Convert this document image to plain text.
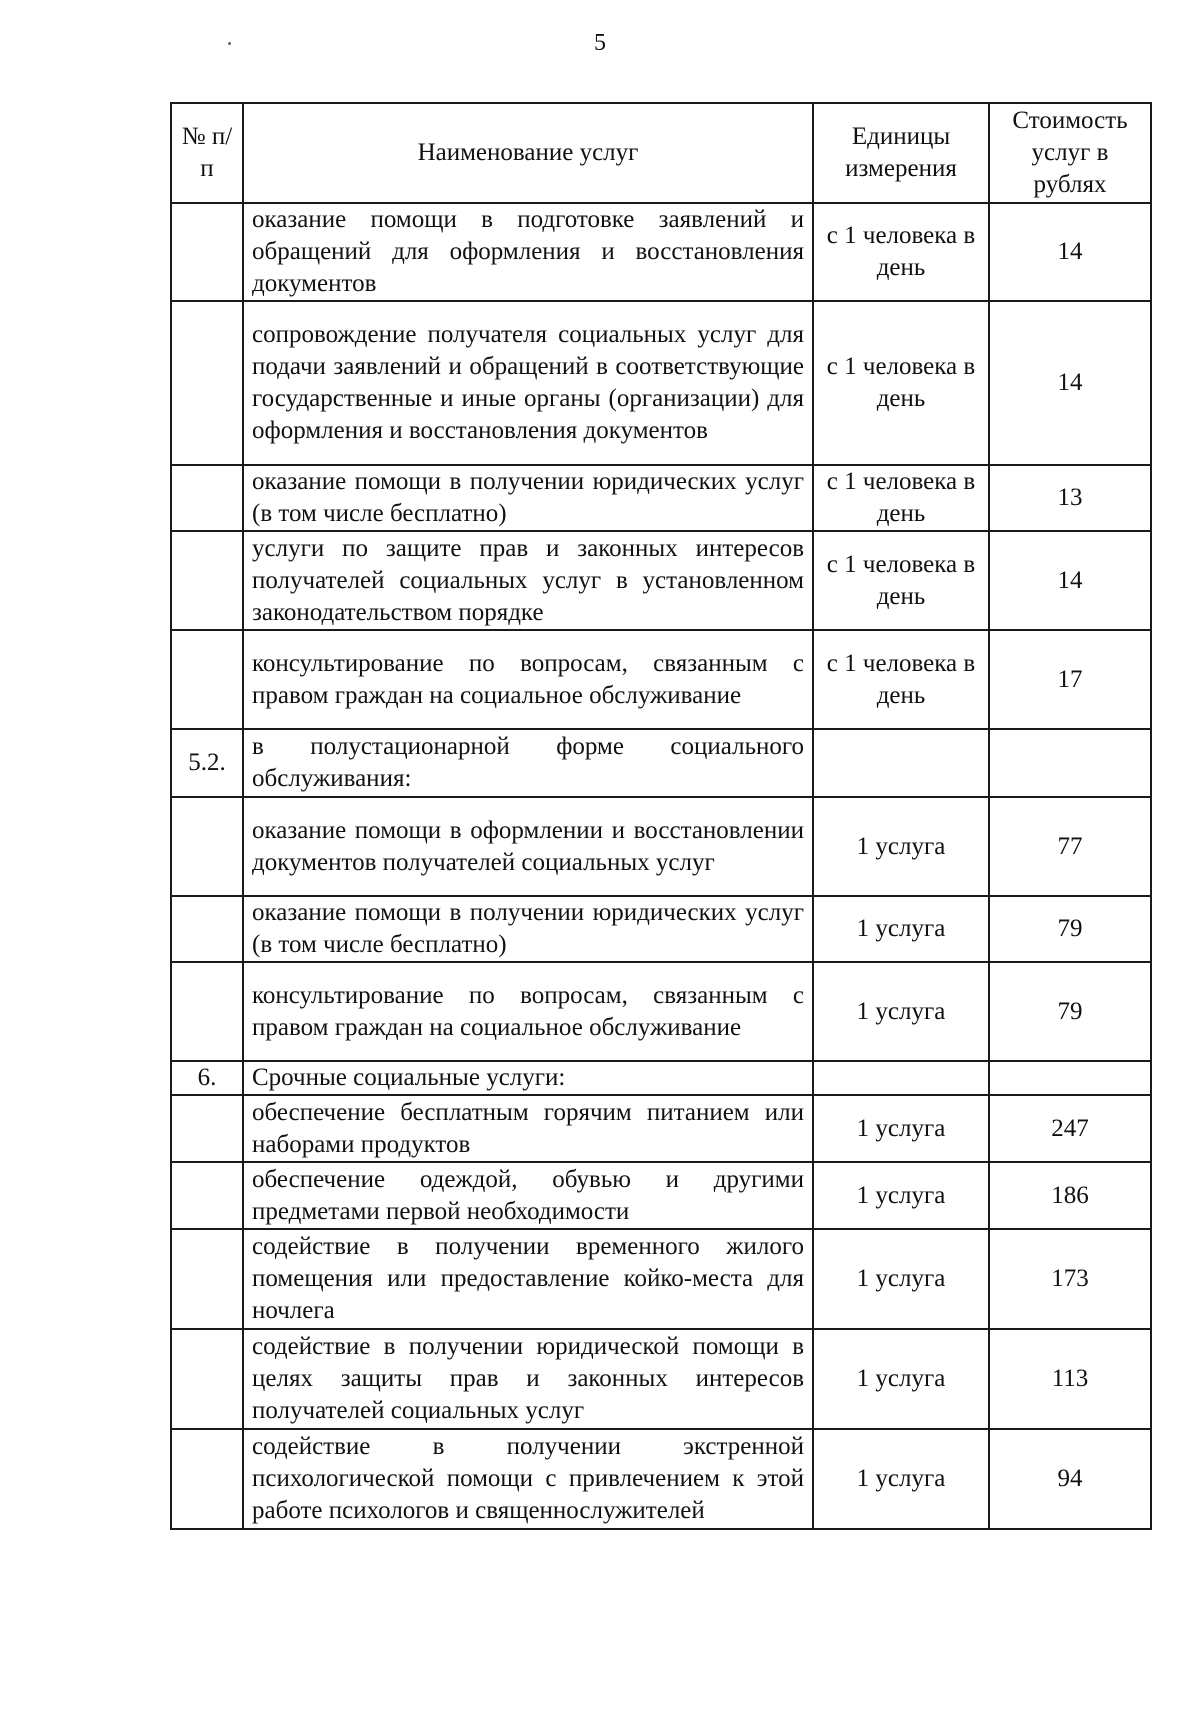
5
№ п/п	Наименование услуг	Единицы измерения	Стоимость услуг в рублях
	оказание помощи в подготовке заявлений и обращений для оформления и восстановления документов	с 1 человека в день	14
	сопровождение получателя социальных услуг для подачи заявлений и обращений в соответствующие государственные и иные органы (организации) для оформления и восстановления документов	с 1 человека в день	14
	оказание помощи в получении юридических услуг (в том числе бесплатно)	с 1 человека в день	13
	услуги по защите прав и законных интересов получателей социальных услуг в установленном законодательством порядке	с 1 человека в день	14
	консультирование по вопросам, связанным с правом граждан на социальное обслуживание	с 1 человека в день	17
5.2.	в полустационарной форме социального обслуживания:		
	оказание помощи в оформлении и восстановлении документов получателей социальных услуг	1 услуга	77
	оказание помощи в получении юридических услуг (в том числе бесплатно)	1 услуга	79
	консультирование по вопросам, связанным с правом граждан на социальное обслуживание	1 услуга	79
6.	Срочные социальные услуги:		
	обеспечение бесплатным горячим питанием или наборами продуктов	1 услуга	247
	обеспечение одеждой, обувью и другими предметами первой необходимости	1 услуга	186
	содействие в получении временного жилого помещения или предоставление койко-места для ночлега	1 услуга	173
	содействие в получении юридической помощи в целях защиты прав и законных интересов получателей социальных услуг	1 услуга	113
	содействие в получении экстренной психологической помощи с привлечением к этой работе психологов и священнослужителей	1 услуга	94
